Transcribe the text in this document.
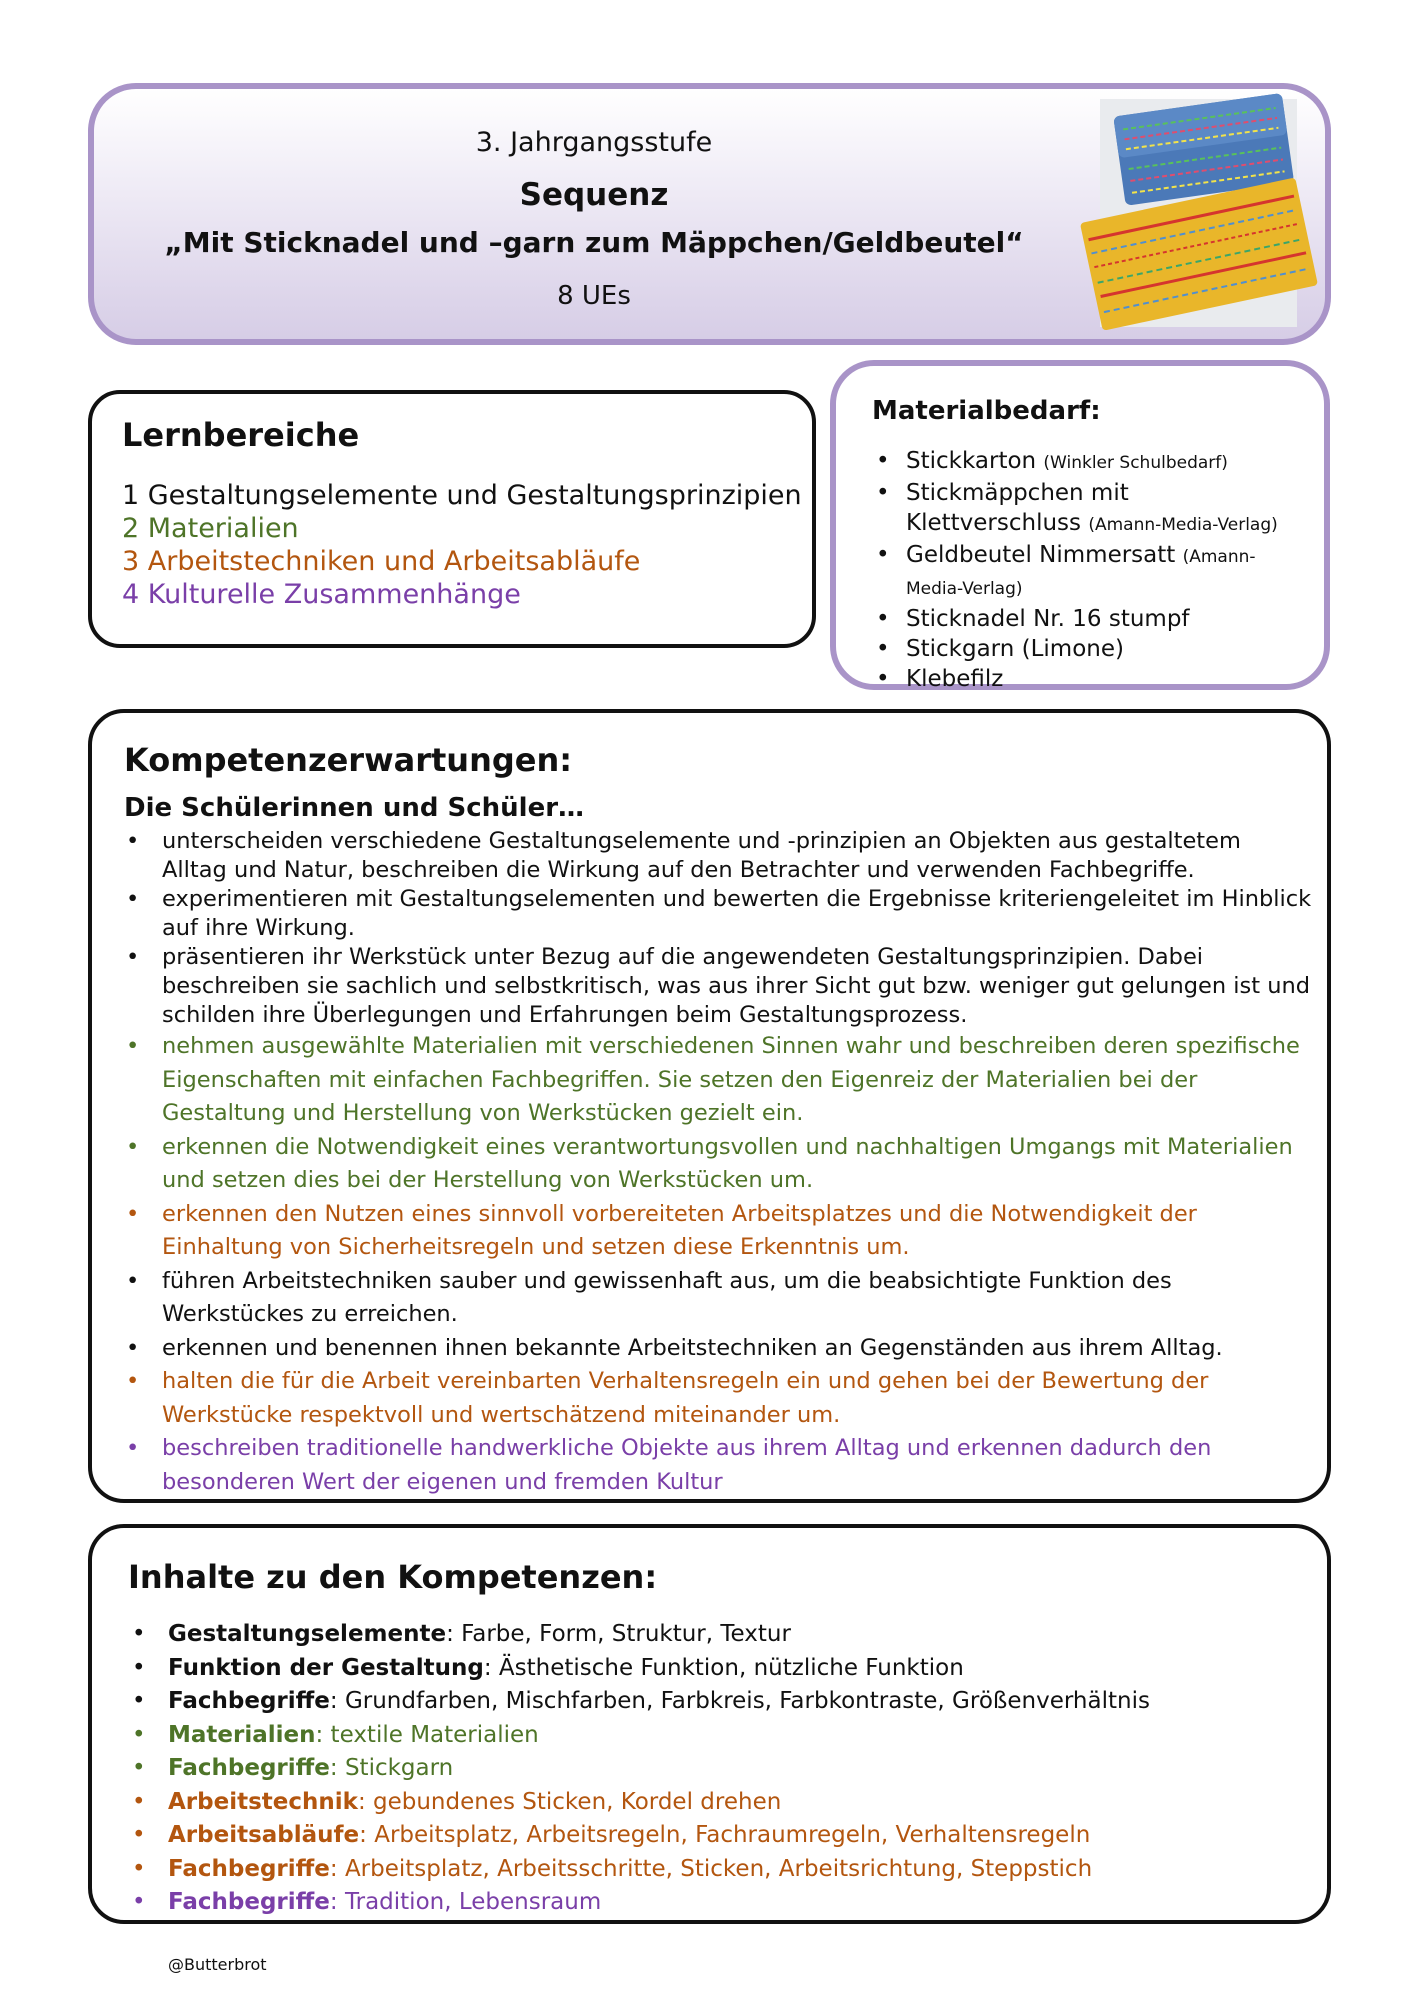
3. Jahrgangsstufe
Sequenz
„Mit Sticknadel und –garn zum Mäppchen/Geldbeutel“
8 UEs
Lernbereiche
1 Gestaltungselemente und Gestaltungsprinzipien
2 Materialien
3 Arbeitstechniken und Arbeitsabläufe
4 Kulturelle Zusammenhänge
Materialbedarf:
• Stickkarton (Winkler Schulbedarf)
• Stickmäppchen mit Klettverschluss (Amann-Media-Verlag)
• Geldbeutel Nimmersatt (Amann-Media-Verlag)
• Sticknadel Nr. 16 stumpf
• Stickgarn (Limone)
• Klebefilz
Kompetenzerwartungen:
Die Schülerinnen und Schüler…
• unterscheiden verschiedene Gestaltungselemente und -prinzipien an Objekten aus gestaltetem Alltag und Natur, beschreiben die Wirkung auf den Betrachter und verwenden Fachbegriffe.
• experimentieren mit Gestaltungselementen und bewerten die Ergebnisse kriteriengeleitet im Hinblick auf ihre Wirkung.
• präsentieren ihr Werkstück unter Bezug auf die angewendeten Gestaltungsprinzipien. Dabei beschreiben sie sachlich und selbstkritisch, was aus ihrer Sicht gut bzw. weniger gut gelungen ist und schilden ihre Überlegungen und Erfahrungen beim Gestaltungsprozess.
• nehmen ausgewählte Materialien mit verschiedenen Sinnen wahr und beschreiben deren spezifische Eigenschaften mit einfachen Fachbegriffen. Sie setzen den Eigenreiz der Materialien bei der Gestaltung und Herstellung von Werkstücken gezielt ein.
• erkennen die Notwendigkeit eines verantwortungsvollen und nachhaltigen Umgangs mit Materialien und setzen dies bei der Herstellung von Werkstücken um.
• erkennen den Nutzen eines sinnvoll vorbereiteten Arbeitsplatzes und die Notwendigkeit der Einhaltung von Sicherheitsregeln und setzen diese Erkenntnis um.
• führen Arbeitstechniken sauber und gewissenhaft aus, um die beabsichtigte Funktion des Werkstückes zu erreichen.
• erkennen und benennen ihnen bekannte Arbeitstechniken an Gegenständen aus ihrem Alltag.
• halten die für die Arbeit vereinbarten Verhaltensregeln ein und gehen bei der Bewertung der Werkstücke respektvoll und wertschätzend miteinander um.
• beschreiben traditionelle handwerkliche Objekte aus ihrem Alltag und erkennen dadurch den besonderen Wert der eigenen und fremden Kultur
Inhalte zu den Kompetenzen:
• Gestaltungselemente: Farbe, Form, Struktur, Textur
• Funktion der Gestaltung: Ästhetische Funktion, nützliche Funktion
• Fachbegriffe: Grundfarben, Mischfarben, Farbkreis, Farbkontraste, Größenverhältnis
• Materialien: textile Materialien
• Fachbegriffe: Stickgarn
• Arbeitstechnik: gebundenes Sticken, Kordel drehen
• Arbeitsabläufe: Arbeitsplatz, Arbeitsregeln, Fachraumregeln, Verhaltensregeln
• Fachbegriffe: Arbeitsplatz, Arbeitsschritte, Sticken, Arbeitsrichtung, Steppstich
• Fachbegriffe: Tradition, Lebensraum
@Butterbrot
